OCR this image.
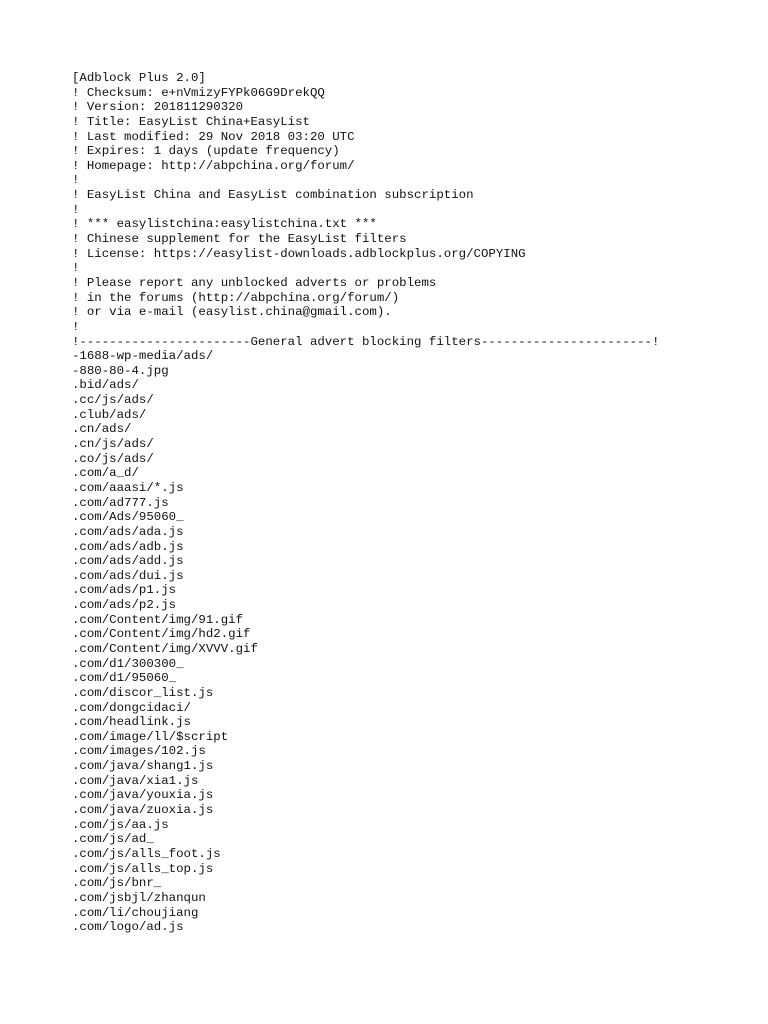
[Adblock Plus 2.0]
! Checksum: e+nVmizyFYPk06G9DrekQQ
! Version: 201811290320
! Title: EasyList China+EasyList
! Last modified: 29 Nov 2018 03:20 UTC
! Expires: 1 days (update frequency)
! Homepage: http://abpchina.org/forum/
!
! EasyList China and EasyList combination subscription
!
! *** easylistchina:easylistchina.txt ***
! Chinese supplement for the EasyList filters
! License: https://easylist-downloads.adblockplus.org/COPYING
!
! Please report any unblocked adverts or problems
! in the forums (http://abpchina.org/forum/)
! or via e-mail (easylist.china@gmail.com).
!
!-----------------------General advert blocking filters-----------------------!
-1688-wp-media/ads/
-880-80-4.jpg
.bid/ads/
.cc/js/ads/
.club/ads/
.cn/ads/
.cn/js/ads/
.co/js/ads/
.com/a_d/
.com/aaasi/*.js
.com/ad777.js
.com/Ads/95060_
.com/ads/ada.js
.com/ads/adb.js
.com/ads/add.js
.com/ads/dui.js
.com/ads/p1.js
.com/ads/p2.js
.com/Content/img/91.gif
.com/Content/img/hd2.gif
.com/Content/img/XVVV.gif
.com/d1/300300_
.com/d1/95060_
.com/discor_list.js
.com/dongcidaci/
.com/headlink.js
.com/image/ll/$script
.com/images/102.js
.com/java/shang1.js
.com/java/xia1.js
.com/java/youxia.js
.com/java/zuoxia.js
.com/js/aa.js
.com/js/ad_
.com/js/alls_foot.js
.com/js/alls_top.js
.com/js/bnr_
.com/jsbjl/zhanqun
.com/li/choujiang
.com/logo/ad.js
